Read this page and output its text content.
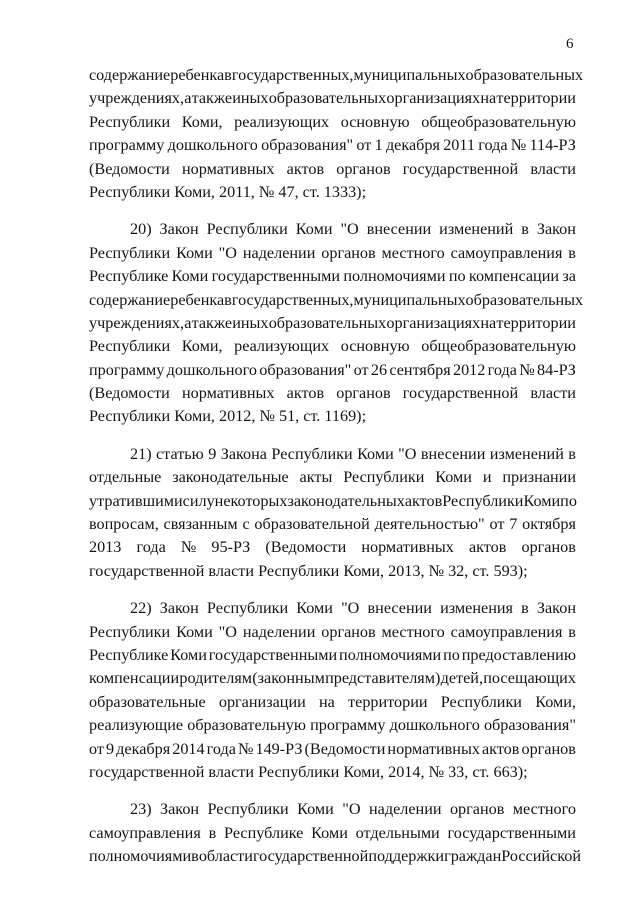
6
содержание ребенка в государственных, муниципальных образовательных
учреждениях, а также иных образовательных организациях на территории
Республики Коми, реализующих основную общеобразовательную
программу дошкольного образования" от 1 декабря 2011 года № 114-РЗ
(Ведомости нормативных актов органов государственной власти
Республики Коми, 2011, № 47, ст. 1333);
20) Закон Республики Коми "О внесении изменений в Закон
Республики Коми "О наделении органов местного самоуправления в
Республике Коми государственными полномочиями по компенсации за
содержание ребенка в государственных, муниципальных образовательных
учреждениях, а также иных образовательных организациях на территории
Республики Коми, реализующих основную общеобразовательную
программу дошкольного образования" от 26 сентября 2012 года № 84-РЗ
(Ведомости нормативных актов органов государственной власти
Республики Коми, 2012, № 51, ст. 1169);
21) статью 9 Закона Республики Коми "О внесении изменений в
отдельные законодательные акты Республики Коми и признании
утратившими силу некоторых законодательных актов Республики Коми по
вопросам, связанным с образовательной деятельностью" от 7 октября
2013 года № 95-РЗ (Ведомости нормативных актов органов
государственной власти Республики Коми, 2013, № 32, ст. 593);
22) Закон Республики Коми "О внесении изменения в Закон
Республики Коми "О наделении органов местного самоуправления в
Республике Коми государственными полномочиями по предоставлению
компенсации родителям (законным представителям) детей, посещающих
образовательные организации на территории Республики Коми,
реализующие образовательную программу дошкольного образования"
от 9 декабря 2014 года № 149-РЗ (Ведомости нормативных актов органов
государственной власти Республики Коми, 2014, № 33, ст. 663);
23) Закон Республики Коми "О наделении органов местного
самоуправления в Республике Коми отдельными государственными
полномочиями в области государственной поддержки граждан Российской
